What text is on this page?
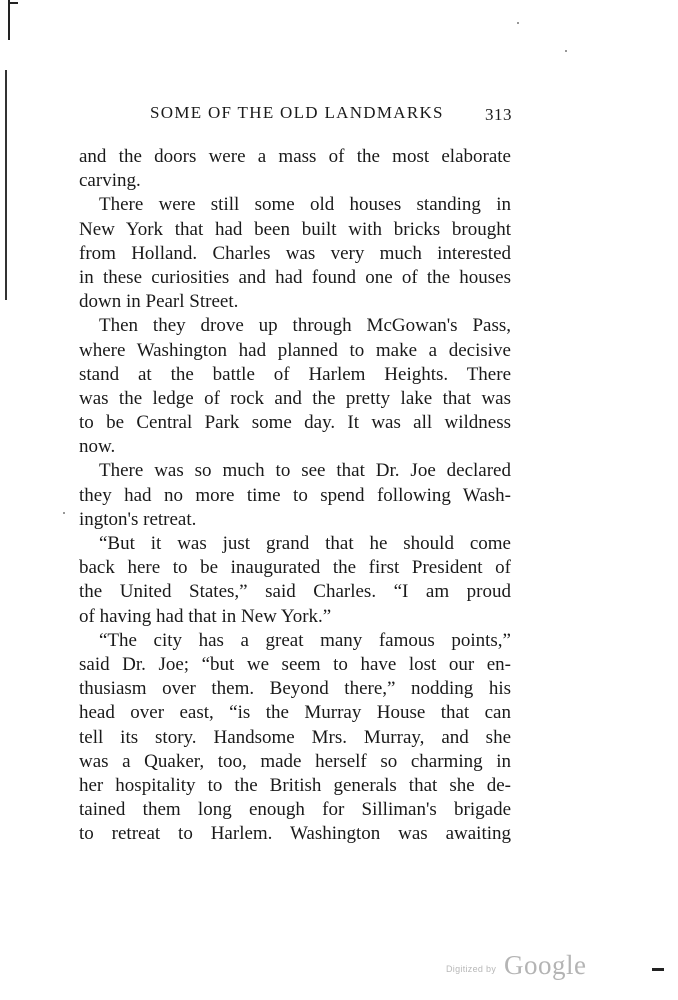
SOME OF THE OLD LANDMARKS 313
and the doors were a mass of the most elaborate
carving.
There were still some old houses standing in
New York that had been built with bricks brought
from Holland. Charles was very much interested
in these curiosities and had found one of the houses
down in Pearl Street.
Then they drove up through McGowan's Pass,
where Washington had planned to make a decisive
stand at the battle of Harlem Heights. There
was the ledge of rock and the pretty lake that was
to be Central Park some day. It was all wildness
now.
There was so much to see that Dr. Joe declared
they had no more time to spend following Wash-
ington's retreat.
“But it was just grand that he should come
back here to be inaugurated the first President of
the United States,” said Charles. “I am proud
of having had that in New York.”
“The city has a great many famous points,”
said Dr. Joe; “but we seem to have lost our en-
thusiasm over them. Beyond there,” nodding his
head over east, “is the Murray House that can
tell its story. Handsome Mrs. Murray, and she
was a Quaker, too, made herself so charming in
her hospitality to the British generals that she de-
tained them long enough for Silliman's brigade
to retreat to Harlem. Washington was awaiting
Digitized by Google
